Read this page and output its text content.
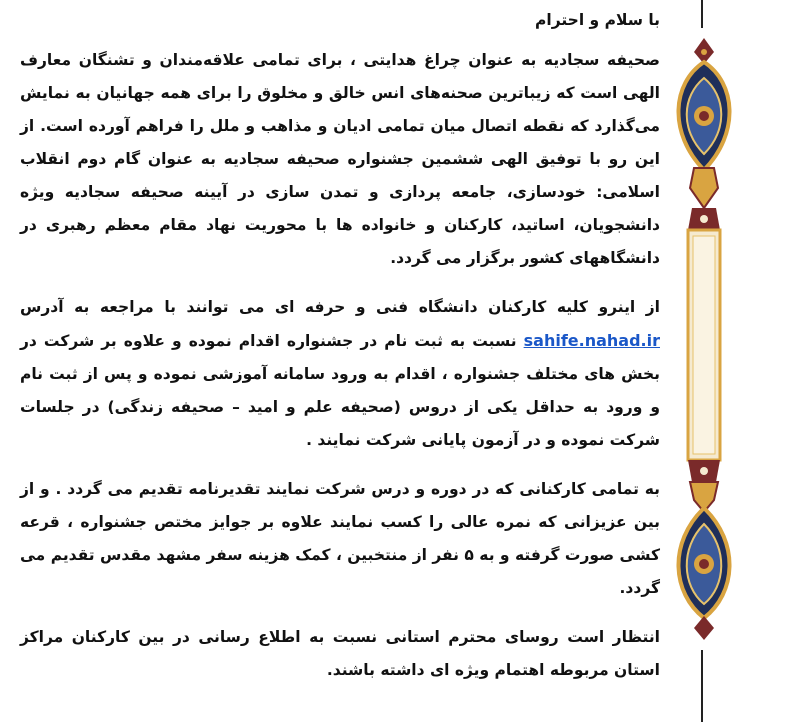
با سلام و احترام

صحیفه سجادیه به عنوان چراغ هدایتی ، برای تمامی علاقه‌مندان و تشنگان معارف الهی است که زیباترین صحنه‌های انس خالق و مخلوق را برای همه جهانیان به نمایش می‌گذارد که نقطه اتصال میان تمامی ادیان و مذاهب و ملل را فراهم آورده است. از این رو با توفیق الهی ششمین جشنواره صحیفه سجادیه به عنوان گام دوم انقلاب اسلامی: خودسازی، جامعه پردازی و تمدن سازی در آیینه صحیفه سجادیه ویژه دانشجویان، اساتید، کارکنان و خانواده ها با محوریت نهاد مقام معظم رهبری در دانشگاههای کشور برگزار می گردد.

از اینرو کلیه کارکنان دانشگاه فنی و حرفه ای می توانند با مراجعه به آدرس sahife.nahad.ir نسبت به ثبت نام در جشنواره اقدام نموده و علاوه بر شرکت در بخش های مختلف جشنواره ، اقدام به ورود سامانه آموزشی نموده و پس از ثبت نام و ورود به حداقل یکی از دروس (صحیفه علم و امید – صحیفه زندگی) در جلسات شرکت نموده و در آزمون پایانی شرکت نمایند .

به تمامی کارکنانی که در دوره و درس شرکت نمایند تقدیرنامه تقدیم می گردد . و از بین عزیزانی که نمره عالی را کسب نمایند علاوه بر جوایز مختص جشنواره ، قرعه کشی صورت گرفته و به ۵ نفر از منتخبین ، کمک هزینه سفر مشهد مقدس تقدیم می گردد.

انتظار است روسای محترم استانی نسبت به اطلاع رسانی در بین کارکنان مراکز استان مربوطه اهتمام ویژه ای داشته باشند.
